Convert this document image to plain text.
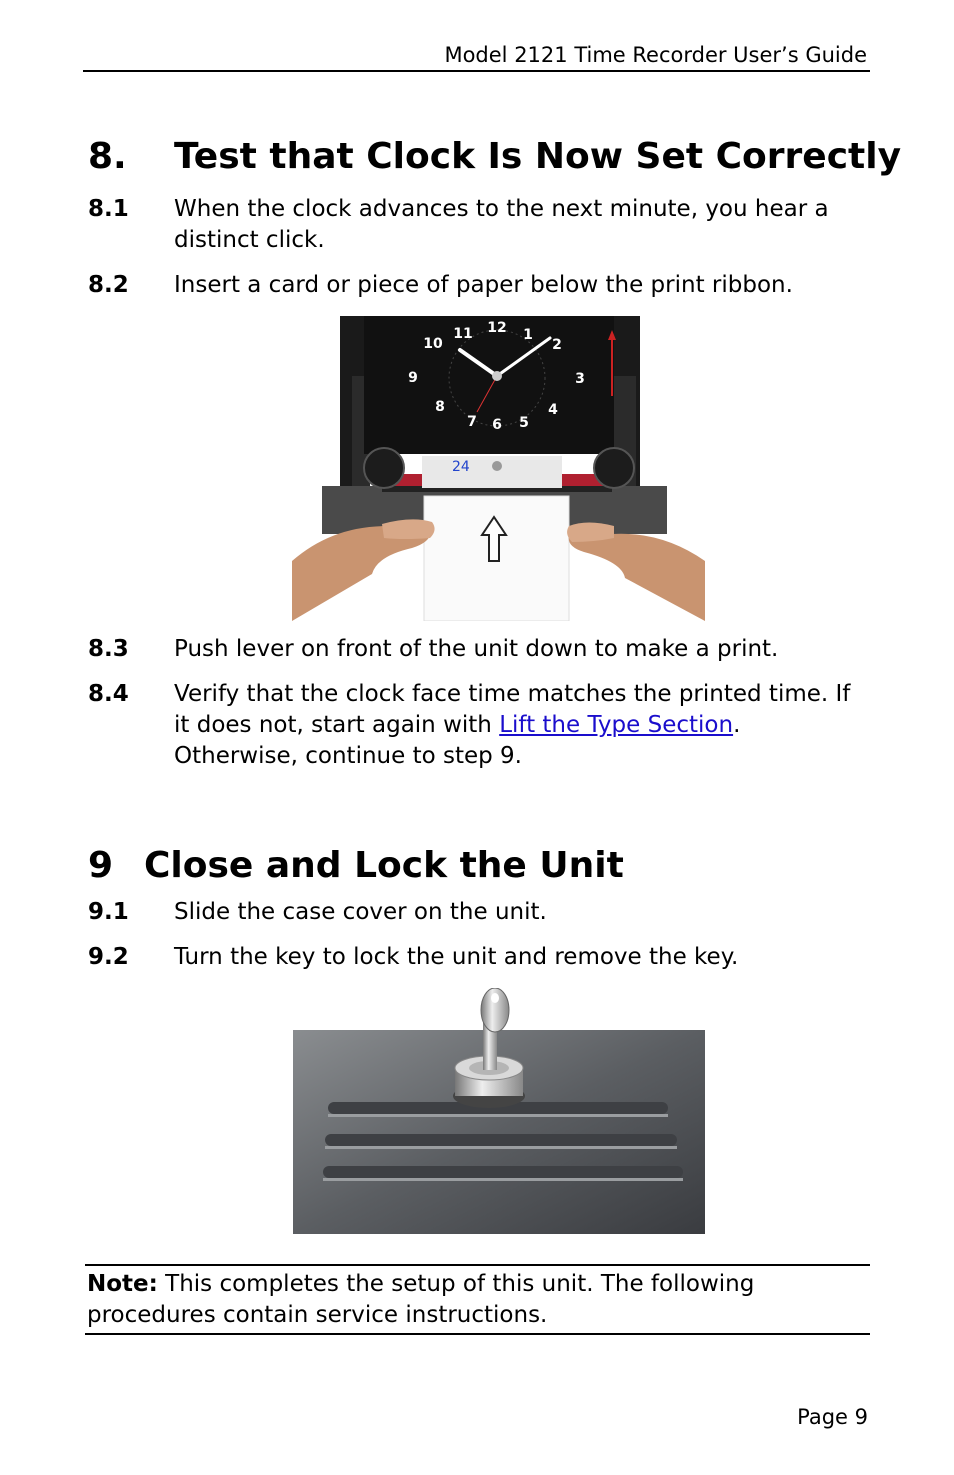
Model 2121 Time Recorder User’s Guide
8. Test that Clock Is Now Set Correctly
8.1 When the clock advances to the next minute, you hear a distinct click.
8.2 Insert a card or piece of paper below the print ribbon.
12 1
2
3
4
5
6
7
8
9
10
11
24
8.3 Push lever on front of the unit down to make a print.
8.4 Verify that the clock face time matches the printed time. If it does not, start again with Lift the Type Section. Otherwise, continue to step 9.
9 Close and Lock the Unit
9.1 Slide the case cover on the unit.
9.2 Turn the key to lock the unit and remove the key.
Note: This completes the setup of this unit. The following procedures contain service instructions.
Page 9
